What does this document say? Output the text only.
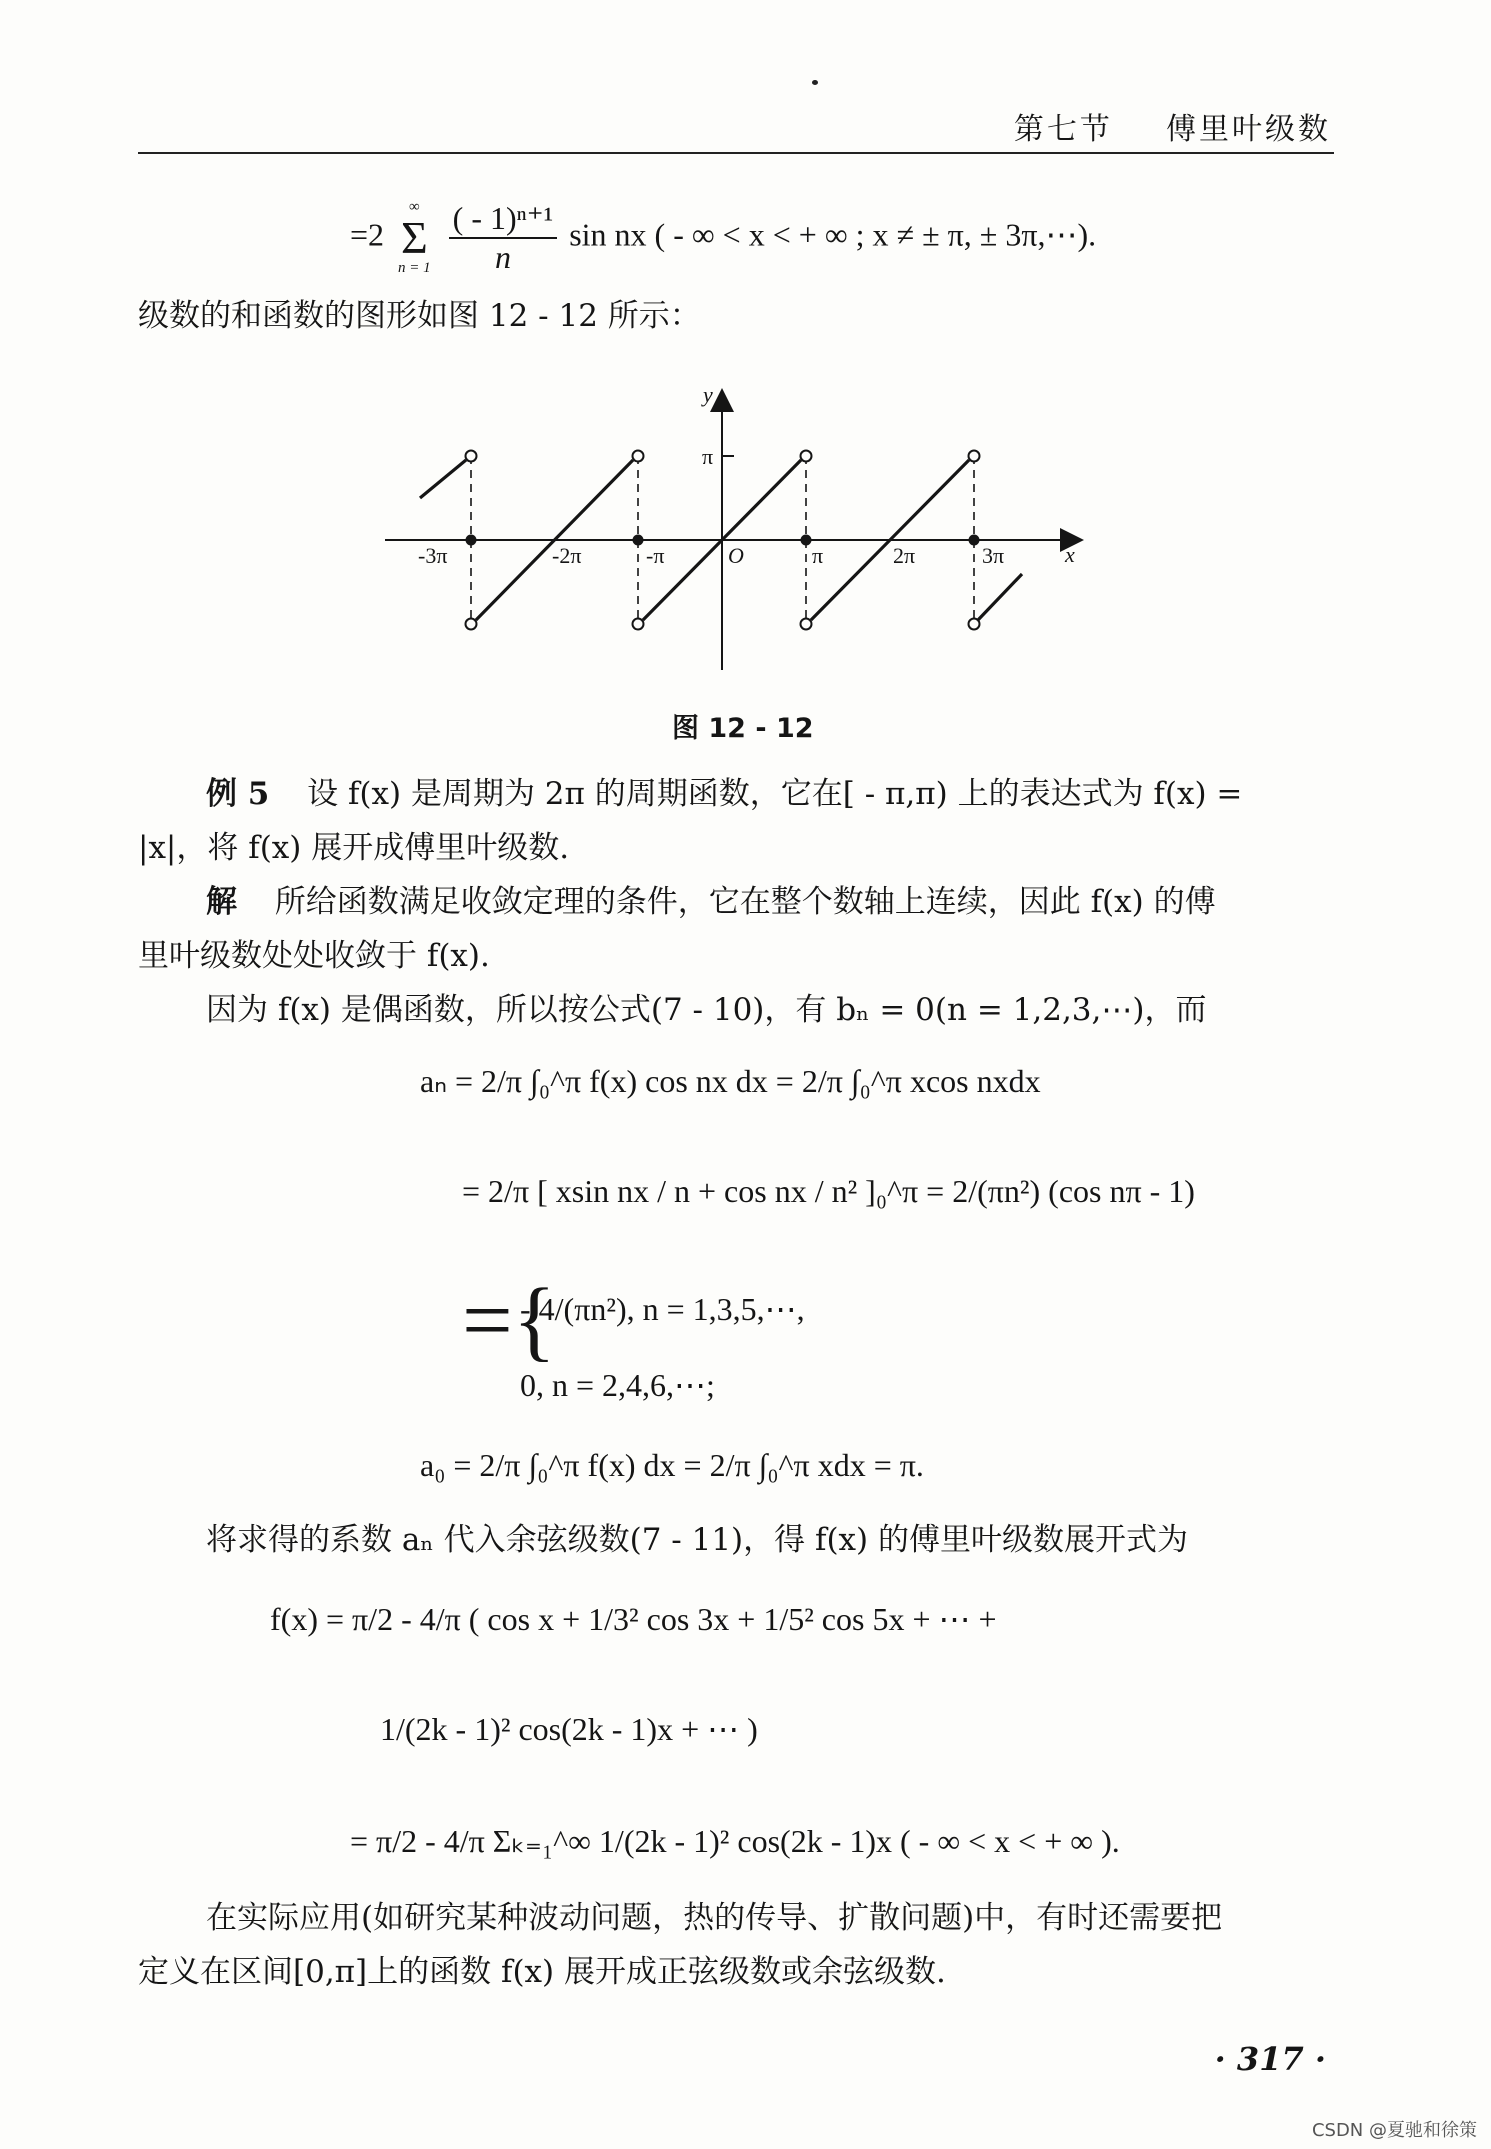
第七节 傅里叶级数
=2
∞
Σ
n = 1
$\frac{\text{( - 1)ⁿ⁺¹}}{n}$ sin nx ( - ∞ < x < + ∞ ; x ≠ ± π, ± 3π,⋯).
级数的和函数的图形如图 12 - 12 所示：
y
π
x
O
-3π	-2π	-π	π	2π	3π
图 12 - 12
例 5 设 f(x) 是周期为 2π 的周期函数，它在[ - π,π) 上的表达式为 f(x) =
|x|，将 f(x) 展开成傅里叶级数.
解 所给函数满足收敛定理的条件，它在整个数轴上连续，因此 f(x) 的傅
里叶级数处处收敛于 f(x).
因为 f(x) 是偶函数，所以按公式(7 - 10)，有 bₙ = 0(n = 1,2,3,⋯)，而
aₙ = 2/π ∫₀^π f(x) cos nx dx = 2/π ∫₀^π xcos nxdx
= 2/π [ xsin nx / n + cos nx / n² ]₀^π = 2/(πn²) (cos nπ - 1)
={
- 4/(πn²), n = 1,3,5,⋯,
0, n = 2,4,6,⋯;
a₀ = 2/π ∫₀^π f(x) dx = 2/π ∫₀^π xdx = π.
将求得的系数 aₙ 代入余弦级数(7 - 11)，得 f(x) 的傅里叶级数展开式为
f(x) = π/2 - 4/π ( cos x + 1/3² cos 3x + 1/5² cos 5x + ⋯ +
1/(2k - 1)² cos(2k - 1)x + ⋯ )
= π/2 - 4/π Σₖ₌₁^∞ 1/(2k - 1)² cos(2k - 1)x ( - ∞ < x < + ∞ ).
在实际应用(如研究某种波动问题，热的传导、扩散问题)中，有时还需要把
定义在区间[0,π]上的函数 f(x) 展开成正弦级数或余弦级数.
· 317 ·
CSDN @夏驰和徐策
